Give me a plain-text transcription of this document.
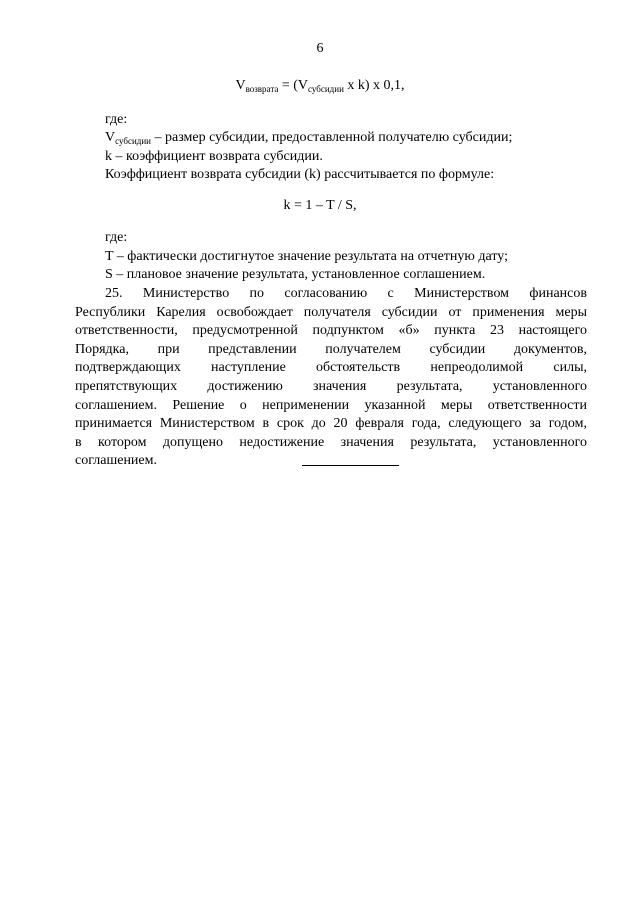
6
$V_{возврата} = (V_{субсидии}$ х k) х 0,1,
где:
$V_{субсидии}$ – размер субсидии, предоставленной получателю субсидии;
k – коэффициент возврата субсидии.
Коэффициент возврата субсидии (k) рассчитывается по формуле:
k = 1 – T / S,
где:
T – фактически достигнутое значение результата на отчетную дату;
S – плановое значение результата, установленное соглашением.
25. Министерство по согласованию с Министерством финансов
Республики Карелия освобождает получателя субсидии от применения меры
ответственности, предусмотренной подпунктом «б» пункта 23 настоящего
Порядка, при представлении получателем субсидии документов,
подтверждающих наступление обстоятельств непреодолимой силы,
препятствующих достижению значения результата, установленного
соглашением. Решение о неприменении указанной меры ответственности
принимается Министерством в срок до 20 февраля года, следующего за годом,
в котором допущено недостижение значения результата, установленного
соглашением.
